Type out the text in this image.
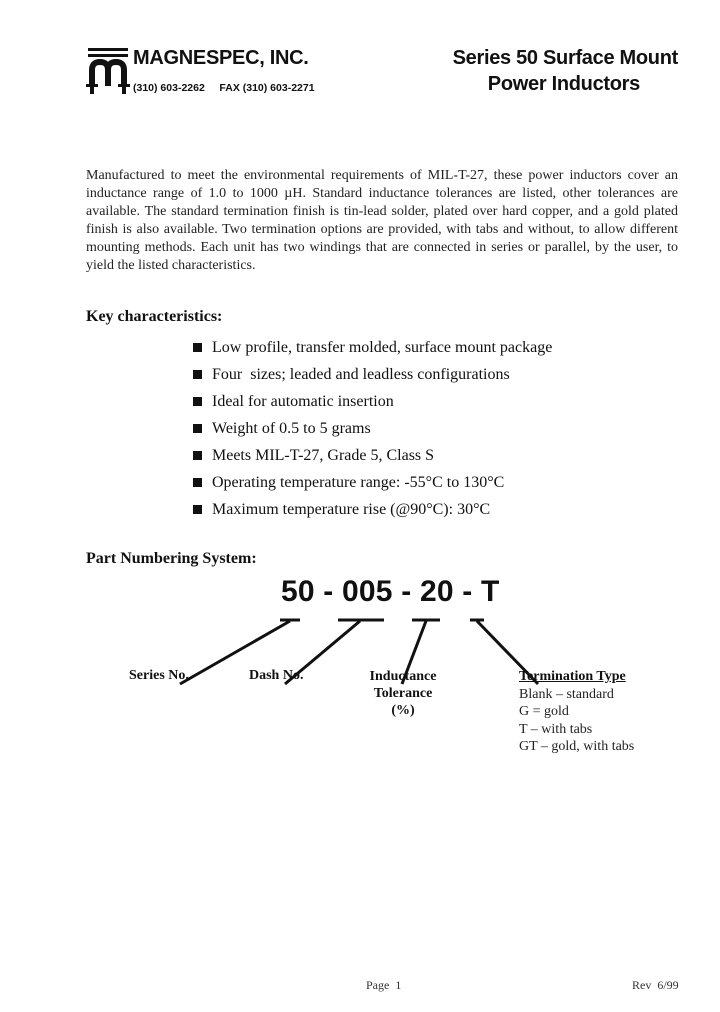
MAGNESPEC, INC.
(310) 603-2262 FAX (310) 603-2271
Series 50 Surface Mount
Power Inductors
Manufactured to meet the environmental requirements of MIL-T-27, these power inductors cover an inductance range of 1.0 to 1000 µH. Standard inductance tolerances are listed, other tolerances are available. The standard termination finish is tin-lead solder, plated over hard copper, and a gold plated finish is also available. Two termination options are provided, with tabs and without, to allow different mounting methods. Each unit has two windings that are connected in series or parallel, by the user, to yield the listed characteristics.
Key characteristics:
Low profile, transfer molded, surface mount package
Four  sizes; leaded and leadless configurations
Ideal for automatic insertion
Weight of 0.5 to 5 grams
Meets MIL-T-27, Grade 5, Class S
Operating temperature range: -55°C to 130°C
Maximum temperature rise (@90°C): 30°C
Part Numbering System:
50 - 005 - 20 - T
Series No.	Dash No.	Inductance
Tolerance
(%)
Termination Type
Blank – standard
G = gold
T – with tabs
GT – gold, with tabs
Page  1	Rev  6/99
